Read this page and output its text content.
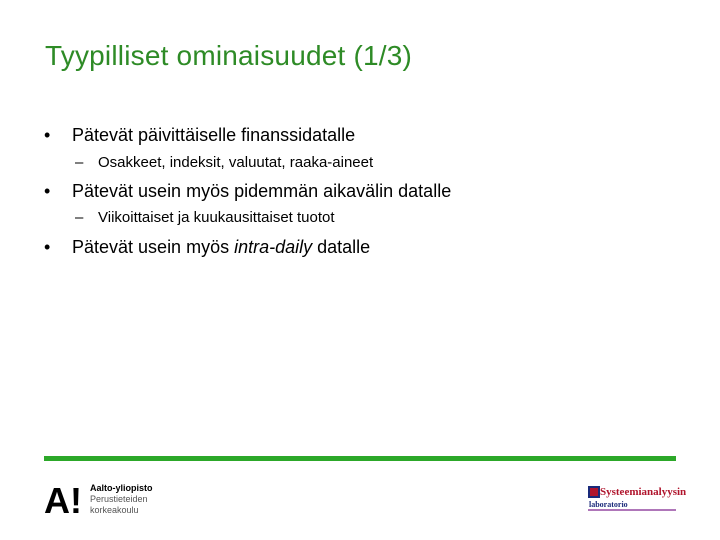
Tyypilliset ominaisuudet (1/3)
• Pätevät päivittäiselle finanssidatalle
– Osakkeet, indeksit, valuutat, raaka-aineet
• Pätevät usein myös pidemmän aikavälin datalle
– Viikoittaiset ja kuukausittaiset tuotot
• Pätevät usein myös intra-daily datalle
A! Aalto-yliopisto
Perustieteiden
korkeakoulu
Systeemianalyysin
laboratorio
